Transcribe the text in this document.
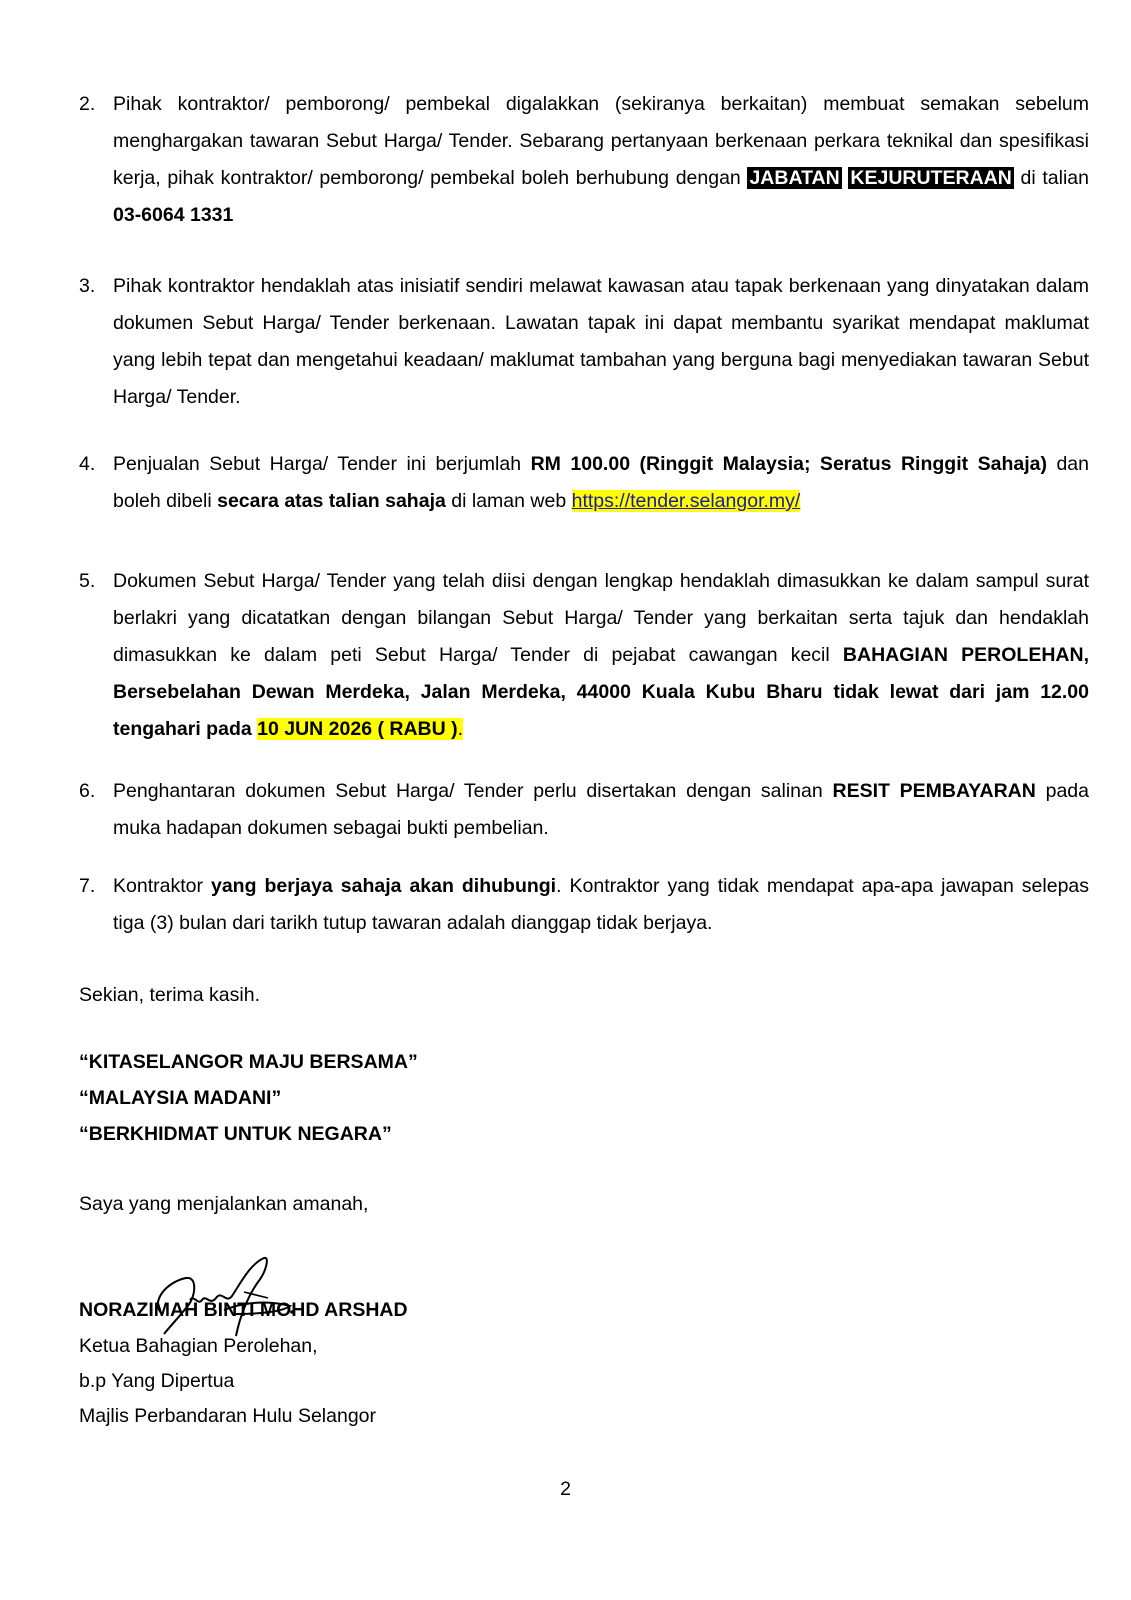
2. Pihak kontraktor/ pemborong/ pembekal digalakkan (sekiranya berkaitan) membuat semakan sebelum menghargakan tawaran Sebut Harga/ Tender. Sebarang pertanyaan berkenaan perkara teknikal dan spesifikasi kerja, pihak kontraktor/ pemborong/ pembekal boleh berhubung dengan JABATAN KEJURUTERAAN di talian 03-6064 1331
3. Pihak kontraktor hendaklah atas inisiatif sendiri melawat kawasan atau tapak berkenaan yang dinyatakan dalam dokumen Sebut Harga/ Tender berkenaan. Lawatan tapak ini dapat membantu syarikat mendapat maklumat yang lebih tepat dan mengetahui keadaan/ maklumat tambahan yang berguna bagi menyediakan tawaran Sebut Harga/ Tender.
4. Penjualan Sebut Harga/ Tender ini berjumlah RM 100.00 (Ringgit Malaysia; Seratus Ringgit Sahaja) dan boleh dibeli secara atas talian sahaja di laman web https://tender.selangor.my/
5. Dokumen Sebut Harga/ Tender yang telah diisi dengan lengkap hendaklah dimasukkan ke dalam sampul surat berlakri yang dicatatkan dengan bilangan Sebut Harga/ Tender yang berkaitan serta tajuk dan hendaklah dimasukkan ke dalam peti Sebut Harga/ Tender di pejabat cawangan kecil BAHAGIAN PEROLEHAN, Bersebelahan Dewan Merdeka, Jalan Merdeka, 44000 Kuala Kubu Bharu tidak lewat dari jam 12.00 tengahari pada 10 JUN 2026 ( RABU ).
6. Penghantaran dokumen Sebut Harga/ Tender perlu disertakan dengan salinan RESIT PEMBAYARAN pada muka hadapan dokumen sebagai bukti pembelian.
7. Kontraktor yang berjaya sahaja akan dihubungi. Kontraktor yang tidak mendapat apa-apa jawapan selepas tiga (3) bulan dari tarikh tutup tawaran adalah dianggap tidak berjaya.
Sekian, terima kasih.
“KITASELANGOR MAJU BERSAMA”
“MALAYSIA MADANI”
“BERKHIDMAT UNTUK NEGARA”
Saya yang menjalankan amanah,
NORAZIMAH BINTI MOHD ARSHAD
Ketua Bahagian Perolehan,
b.p Yang Dipertua
Majlis Perbandaran Hulu Selangor
2
